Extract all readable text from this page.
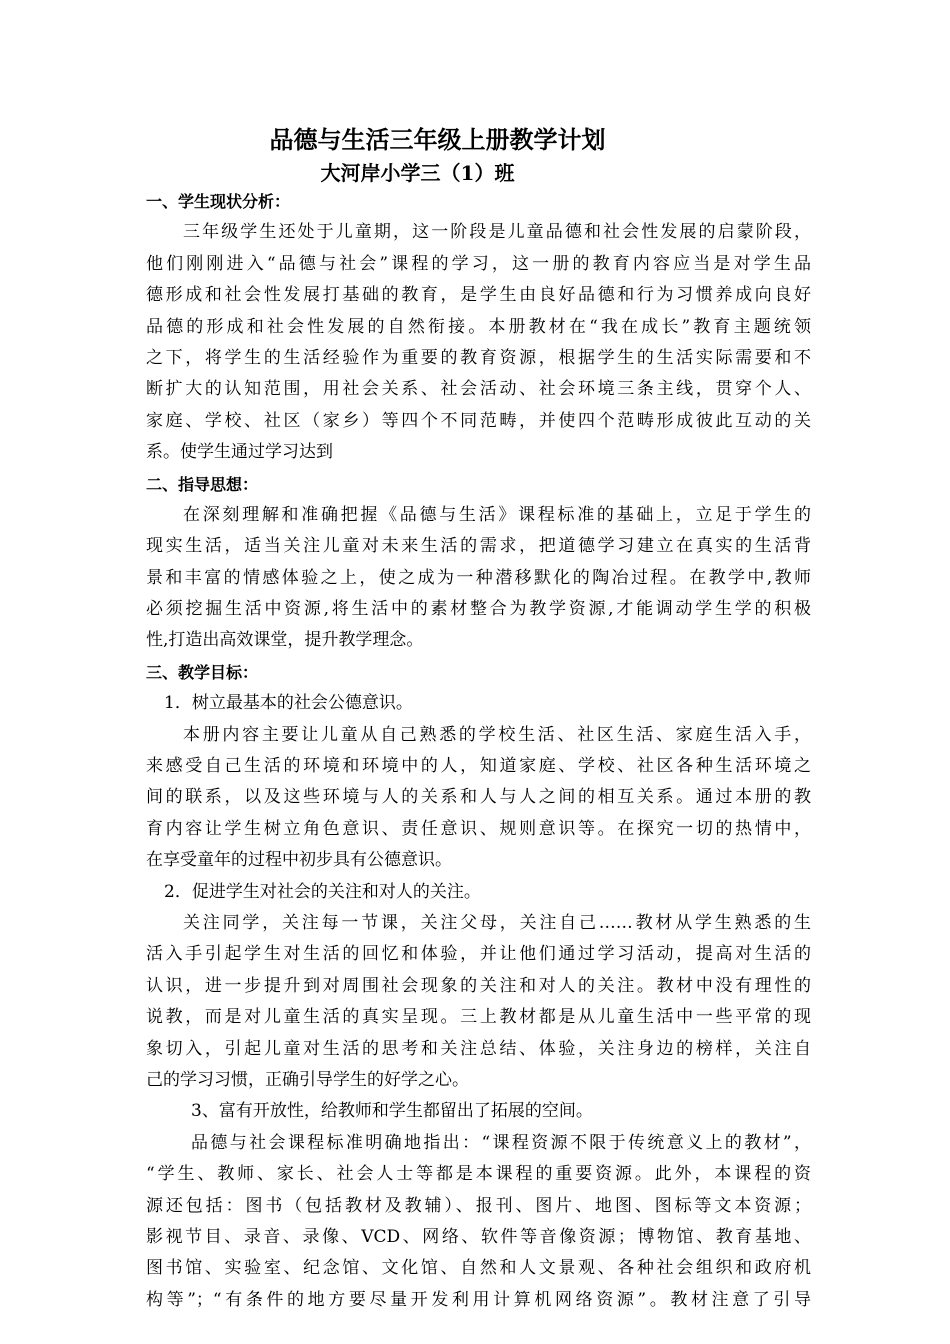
品德与生活三年级上册教学计划
大河岸小学三（1）班
一、学生现状分析：
三年级学生还处于儿童期，这一阶段是儿童品德和社会性发展的启蒙阶段，
他们刚刚进入“品德与社会”课程的学习，这一册的教育内容应当是对学生品
德形成和社会性发展打基础的教育，是学生由良好品德和行为习惯养成向良好
品德的形成和社会性发展的自然衔接。本册教材在“我在成长”教育主题统领
之下，将学生的生活经验作为重要的教育资源，根据学生的生活实际需要和不
断扩大的认知范围，用社会关系、社会活动、社会环境三条主线，贯穿个人、
家庭、学校、社区（家乡）等四个不同范畴，并使四个范畴形成彼此互动的关
系。使学生通过学习达到
二、指导思想：
在深刻理解和准确把握《品德与生活》课程标准的基础上，立足于学生的
现实生活，适当关注儿童对未来生活的需求，把道德学习建立在真实的生活背
景和丰富的情感体验之上，使之成为一种潜移默化的陶冶过程。在教学中,教师
必须挖掘生活中资源,将生活中的素材整合为教学资源,才能调动学生学的积极
性,打造出高效课堂，提升教学理念。
三、教学目标：
1．树立最基本的社会公德意识。
本册内容主要让儿童从自己熟悉的学校生活、社区生活、家庭生活入手，
来感受自己生活的环境和环境中的人，知道家庭、学校、社区各种生活环境之
间的联系，以及这些环境与人的关系和人与人之间的相互关系。通过本册的教
育内容让学生树立角色意识、责任意识、规则意识等。在探究一切的热情中，
在享受童年的过程中初步具有公德意识。
2．促进学生对社会的关注和对人的关注。
关注同学，关注每一节课，关注父母，关注自己……教材从学生熟悉的生
活入手引起学生对生活的回忆和体验，并让他们通过学习活动，提高对生活的
认识，进一步提升到对周围社会现象的关注和对人的关注。教材中没有理性的
说教，而是对儿童生活的真实呈现。三上教材都是从儿童生活中一些平常的现
象切入，引起儿童对生活的思考和关注总结、体验，关注身边的榜样，关注自
己的学习习惯，正确引导学生的好学之心。
3、富有开放性，给教师和学生都留出了拓展的空间。
品德与社会课程标准明确地指出：“课程资源不限于传统意义上的教材”，
“学生、教师、家长、社会人士等都是本课程的重要资源。此外，本课程的资
源还包括：图书（包括教材及教辅）、报刊、图片、地图、图标等文本资源；
影视节目、录音、录像、VCD、网络、软件等音像资源；博物馆、教育基地、
图书馆、实验室、纪念馆、文化馆、自然和人文景观、各种社会组织和政府机
构等”；“有条件的地方要尽量开发利用计算机网络资源”。教材注意了引导
